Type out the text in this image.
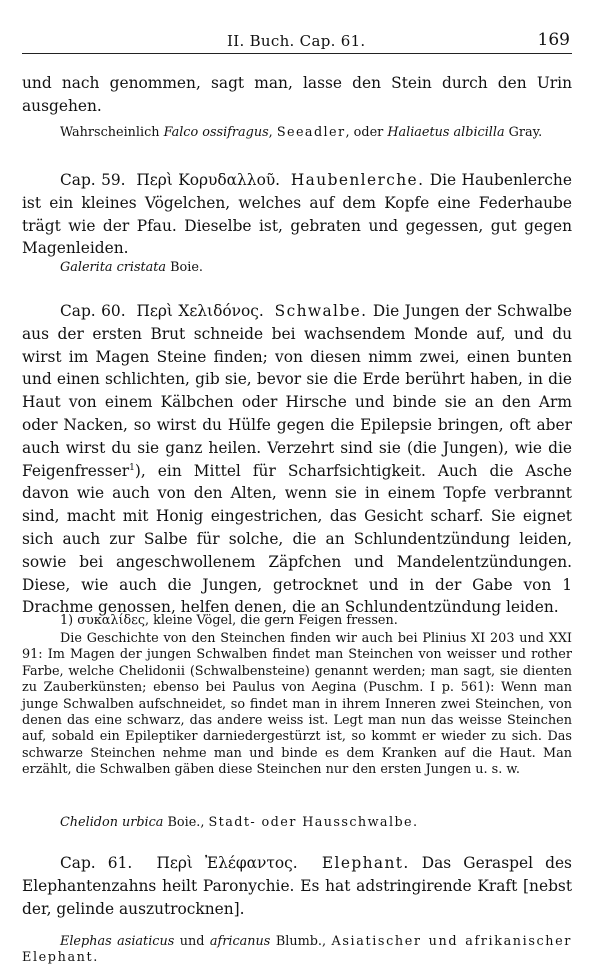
II. Buch. Cap. 61.	169

und nach genommen, sagt man, lasse den Stein durch den Urin ausgehen.

Wahrscheinlich Falco ossifragus, Seeadler, oder Haliaetus albicilla Gray.

Cap. 59. Περὶ Κορυδαλλοῦ. Haubenlerche. Die Haubenlerche ist ein kleines Vögelchen, welches auf dem Kopfe eine Federhaube trägt wie der Pfau. Dieselbe ist, gebraten und gegessen, gut gegen Magenleiden.

Galerita cristata Boie.

Cap. 60. Περὶ Χελιδόνος. Schwalbe. Die Jungen der Schwalbe aus der ersten Brut schneide bei wachsendem Monde auf, und du wirst im Magen Steine finden; von diesen nimm zwei, einen bunten und einen schlichten, gib sie, bevor sie die Erde berührt haben, in die Haut von einem Kälbchen oder Hirsche und binde sie an den Arm oder Nacken, so wirst du Hülfe gegen die Epilepsie bringen, oft aber auch wirst du sie ganz heilen. Verzehrt sind sie (die Jungen), wie die Feigenfresser$^1$), ein Mittel für Scharfsichtigkeit. Auch die Asche davon wie auch von den Alten, wenn sie in einem Topfe verbrannt sind, macht mit Honig eingestrichen, das Gesicht scharf. Sie eignet sich auch zur Salbe für solche, die an Schlundentzündung leiden, sowie bei angeschwollenem Zäpfchen und Mandelentzündungen. Diese, wie auch die Jungen, getrocknet und in der Gabe von 1 Drachme genossen, helfen denen, die an Schlundentzündung leiden.

1) συκαλίδες, kleine Vögel, die gern Feigen fressen.

Die Geschichte von den Steinchen finden wir auch bei Plinius XI 203 und XXI 91: Im Magen der jungen Schwalben findet man Steinchen von weisser und rother Farbe, welche Chelidonii (Schwalbensteine) genannt werden; man sagt, sie dienten zu Zauberkünsten; ebenso bei Paulus von Aegina (Puschm. I p. 561): Wenn man junge Schwalben aufschneidet, so findet man in ihrem Inneren zwei Steinchen, von denen das eine schwarz, das andere weiss ist. Legt man nun das weisse Steinchen auf, sobald ein Epileptiker darniedergestürzt ist, so kommt er wieder zu sich. Das schwarze Steinchen nehme man und binde es dem Kranken auf die Haut. Man erzählt, die Schwalben gäben diese Steinchen nur den ersten Jungen u. s. w.

Chelidon urbica Boie., Stadt- oder Hausschwalbe.

Cap. 61. Περὶ Ἐλέφαντος. Elephant. Das Geraspel des Elephantenzahns heilt Paronychie. Es hat adstringirende Kraft [nebst der, gelinde auszutrocknen].

Elephas asiaticus und africanus Blumb., Asiatischer und afrikanischer Elephant.
